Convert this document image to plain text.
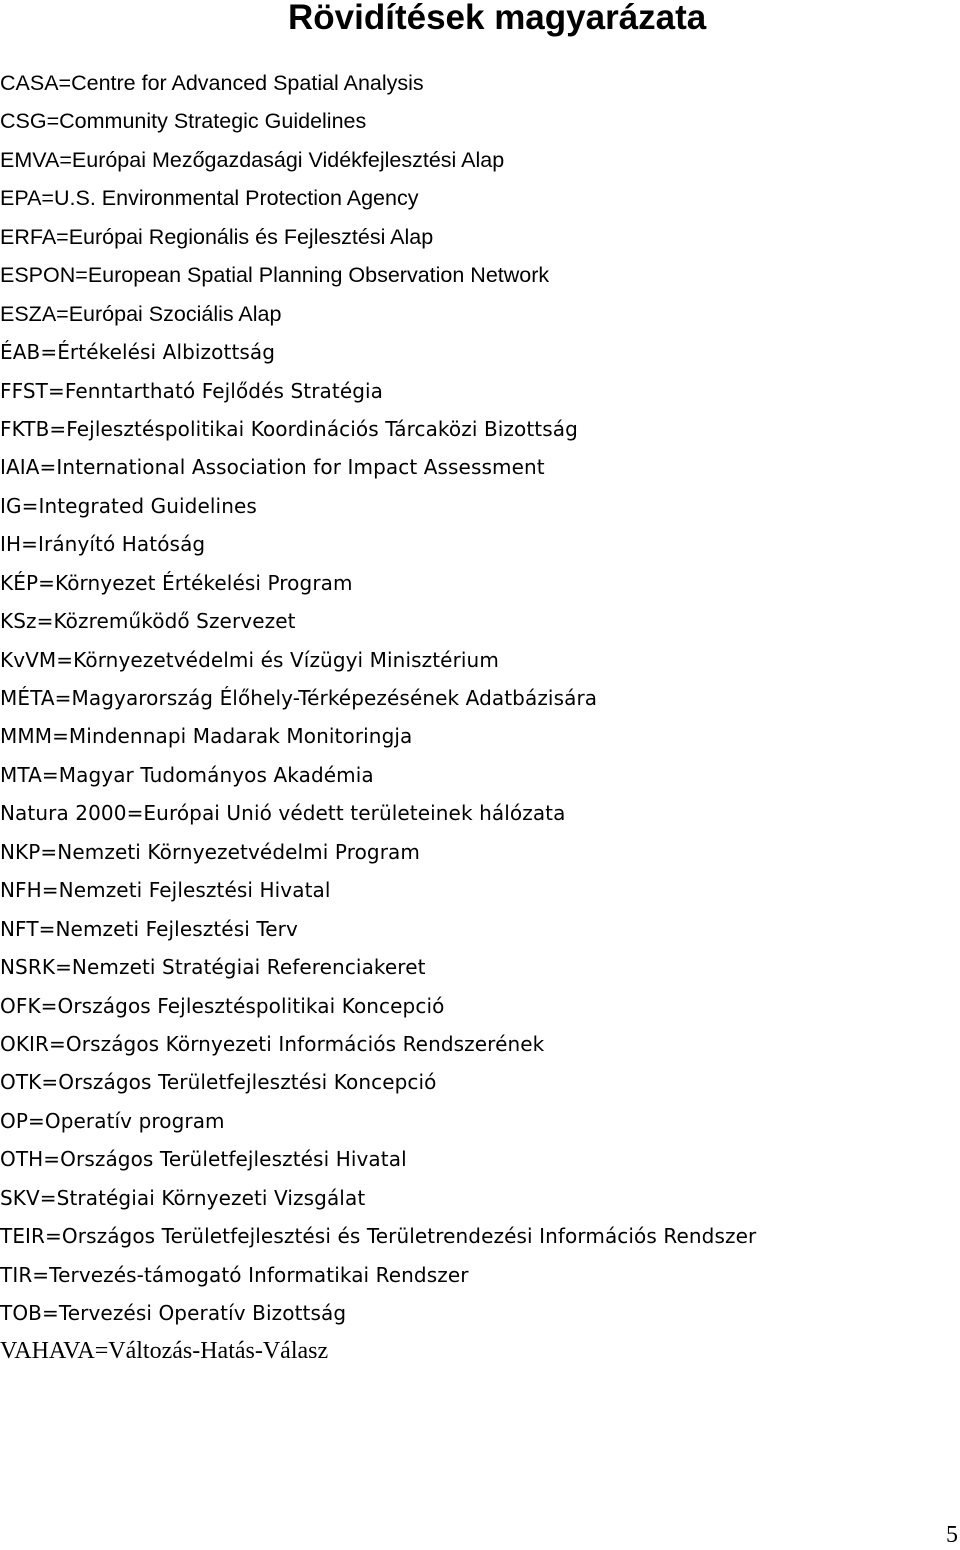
Rövidítések magyarázata
CASA=Centre for Advanced Spatial Analysis
CSG=Community Strategic Guidelines
EMVA=Európai Mezőgazdasági Vidékfejlesztési Alap
EPA=U.S. Environmental Protection Agency
ERFA=Európai Regionális és Fejlesztési Alap
ESPON=European Spatial Planning Observation Network
ESZA=Európai Szociális Alap
ÉAB=Értékelési Albizottság
FFST=Fenntartható Fejlődés Stratégia
FKTB=Fejlesztéspolitikai Koordinációs Tárcaközi Bizottság
IAIA=International Association for Impact Assessment
IG=Integrated Guidelines
IH=Irányító Hatóság
KÉP=Környezet Értékelési Program
KSz=Közreműködő Szervezet
KvVM=Környezetvédelmi és Vízügyi Minisztérium
MÉTA=Magyarország Élőhely-Térképezésének Adatbázisára
MMM=Mindennapi Madarak Monitoringja
MTA=Magyar Tudományos Akadémia
Natura 2000=Európai Unió védett területeinek hálózata
NKP=Nemzeti Környezetvédelmi Program
NFH=Nemzeti Fejlesztési Hivatal
NFT=Nemzeti Fejlesztési Terv
NSRK=Nemzeti Stratégiai Referenciakeret
OFK=Országos Fejlesztéspolitikai Koncepció
OKIR=Országos Környezeti Információs Rendszerének
OTK=Országos Területfejlesztési Koncepció
OP=Operatív program
OTH=Országos Területfejlesztési Hivatal
SKV=Stratégiai Környezeti Vizsgálat
TEIR=Országos Területfejlesztési és Területrendezési Információs Rendszer
TIR=Tervezés-támogató Informatikai Rendszer
TOB=Tervezési Operatív Bizottság
VAHAVA=Változás-Hatás-Válasz
5
